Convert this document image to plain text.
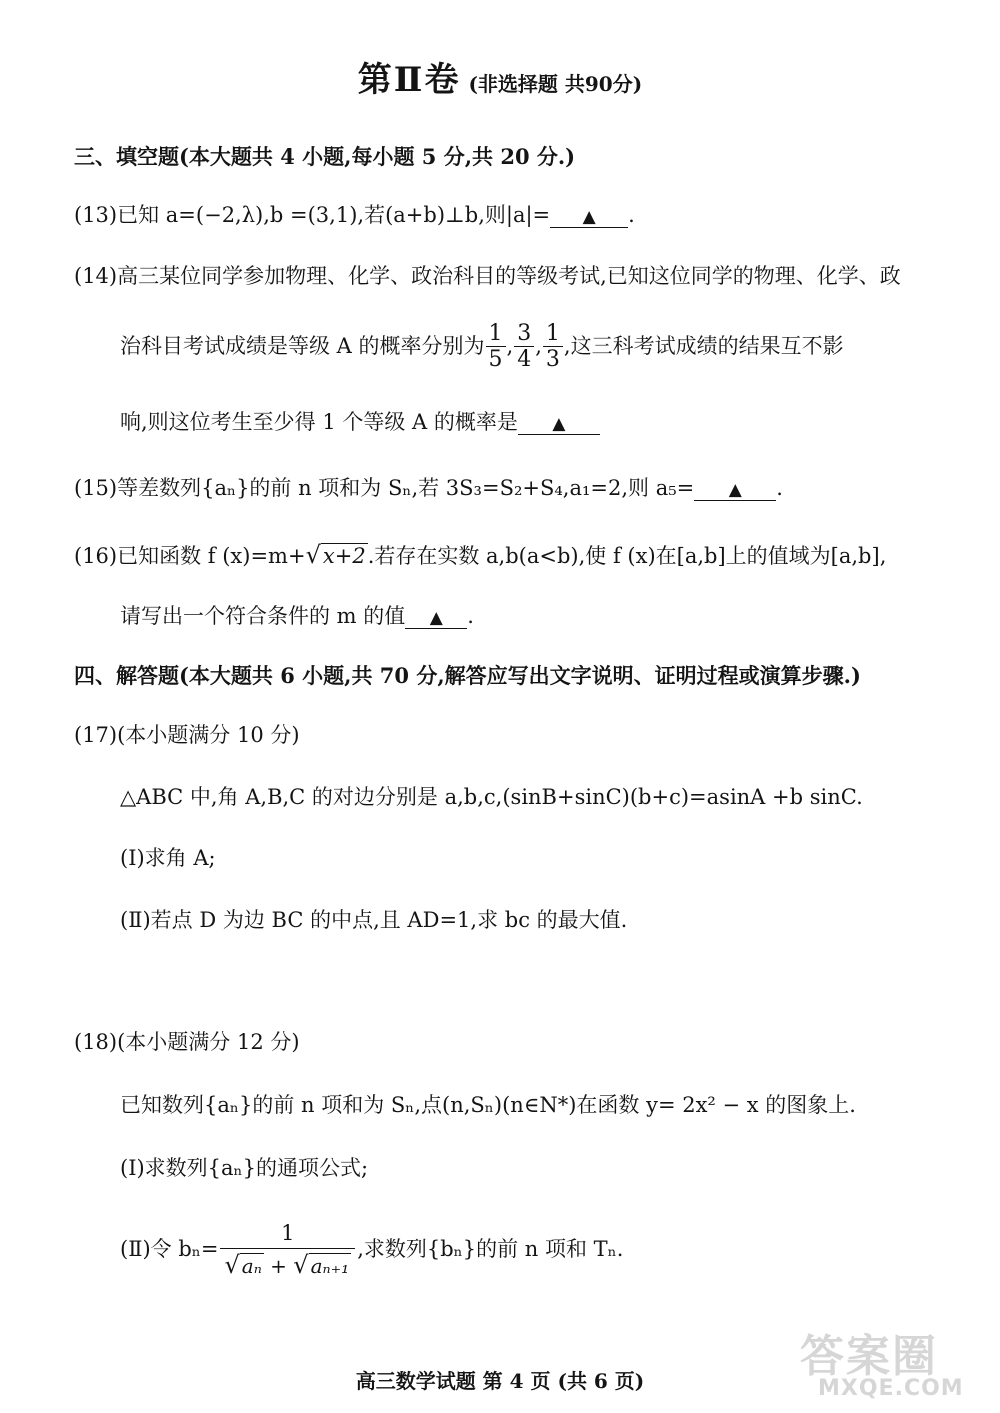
第Ⅱ卷 (非选择题 共90分)
三、填空题(本大题共 4 小题,每小题 5 分,共 20 分.)
(13)已知 a=(−2,λ),b =(3,1),若(a+b)⊥b,则|a|= ▲ .
(14)高三某位同学参加物理、化学、政治科目的等级考试,已知这位同学的物理、化学、政
治科目考试成绩是等级 A 的概率分别为 $\frac{1}{5}$ , $\frac{3}{4}$ , $\frac{1}{3}$ ,这三科考试成绩的结果互不影
响,则这位考生至少得 1 个等级 A 的概率是 ▲
(15)等差数列{aₙ}的前 n 项和为 Sₙ,若 3S₃=S₂+S₄,a₁=2,则 a₅= ▲ .
(16)已知函数 f (x)=m+√x+2.若存在实数 a,b(a<b),使 f (x)在[a,b]上的值域为[a,b],
请写出一个符合条件的 m 的值 ▲ .
四、解答题(本大题共 6 小题,共 70 分,解答应写出文字说明、证明过程或演算步骤.)
(17)(本小题满分 10 分)
△ABC 中,角 A,B,C 的对边分别是 a,b,c,(sinB+sinC)(b+c)=asinA +b sinC.
(Ⅰ)求角 A;
(Ⅱ)若点 D 为边 BC 的中点,且 AD=1,求 bc 的最大值.
(18)(本小题满分 12 分)
已知数列{aₙ}的前 n 项和为 Sₙ,点(n,Sₙ)(n∈N*)在函数 y= 2x² − x 的图象上.
(Ⅰ)求数列{aₙ}的通项公式;
(Ⅱ)令 $b_n= \frac{1}{\text{√ aₙ + √ aₙ₊₁}}$ ,求数列{bₙ}的前 n 项和 Tₙ.
高三数学试题 第 4 页 (共 6 页)	答案圈
MXQE.COM
